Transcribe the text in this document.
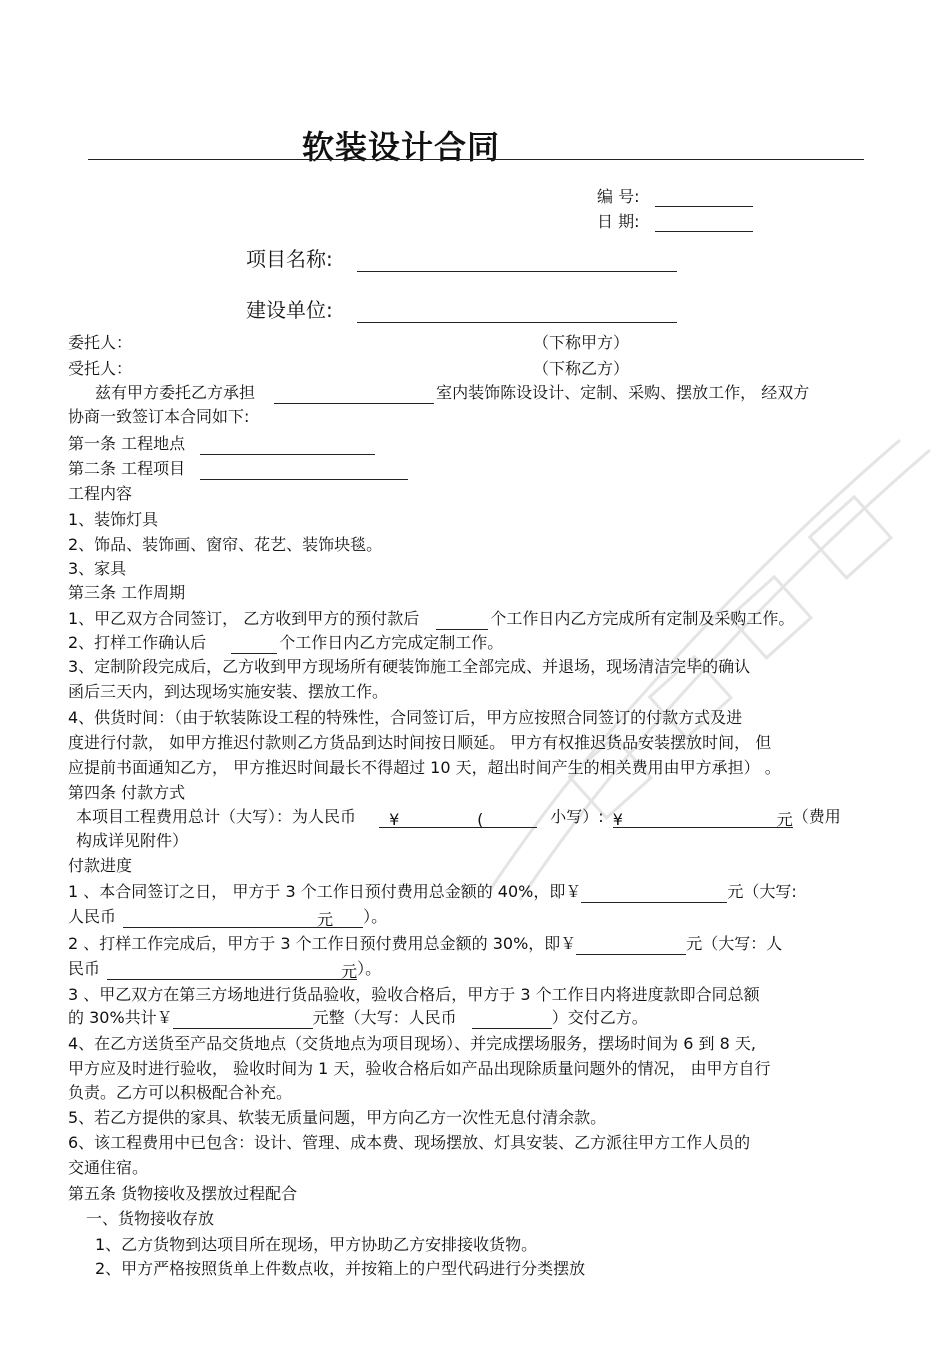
软装设计合同
编 号:
日 期:
项目名称:
建设单位:
委托人：	（下称甲方）
受托人：	（下称乙方）
兹有甲方委托乙方承担	室内装饰陈设设计、定制、采购、摆放工作， 经双方
协商一致签订本合同如下:
第一条 工程地点
第二条 工程项目
工程内容
1、装饰灯具
2、饰品、装饰画、窗帘、花艺、装饰块毯。
3、家具
第三条 工作周期
1、甲乙双方合同签订， 乙方收到甲方的预付款后	个工作日内乙方完成所有定制及采购工作。
2、打样工作确认后	个工作日内乙方完成定制工作。
3、定制阶段完成后，乙方收到甲方现场所有硬装饰施工全部完成、并退场，现场清洁完毕的确认
函后三天内，到达现场实施安装、摆放工作。
4、供货时间：（由于软装陈设工程的特殊性，合同签订后，甲方应按照合同签订的付款方式及进
度进行付款， 如甲方推迟付款则乙方货品到达时间按日顺延。 甲方有权推迟货品安装摆放时间， 但
应提前书面通知乙方， 甲方推迟时间最长不得超过 10 天，超出时间产生的相关费用由甲方承担） 。
第四条 付款方式
本项目工程费用总计（大写）：为人民币 ¥	(	小写）: ¥	元 （费用
构成详见附件）
付款进度
1 、本合同签订之日， 甲方于 3 个工作日预付费用总金额的 40%，即￥	元（大写:
人民币	元 ）。
2 、打样工作完成后，甲方于 3 个工作日预付费用总金额的 30%，即￥	元（大写：人
民币	元）。
3 、甲乙双方在第三方场地进行货品验收，验收合格后，甲方于 3 个工作日内将进度款即合同总额
的 30%共计￥	元整（大写：人民币	）交付乙方。
4、在乙方送货至产品交货地点（交货地点为项目现场）、并完成摆场服务，摆场时间为 6 到 8 天,
甲方应及时进行验收， 验收时间为 1 天，验收合格后如产品出现除质量问题外的情况， 由甲方自行
负责。乙方可以积极配合补充。
5、若乙方提供的家具、软装无质量问题，甲方向乙方一次性无息付清余款。
6、该工程费用中已包含：设计、管理、成本费、现场摆放、灯具安装、乙方派往甲方工作人员的
交通住宿。
第五条 货物接收及摆放过程配合
一、货物接收存放
1、乙方货物到达项目所在现场，甲方协助乙方安排接收货物。
2、甲方严格按照货单上件数点收，并按箱上的户型代码进行分类摆放
